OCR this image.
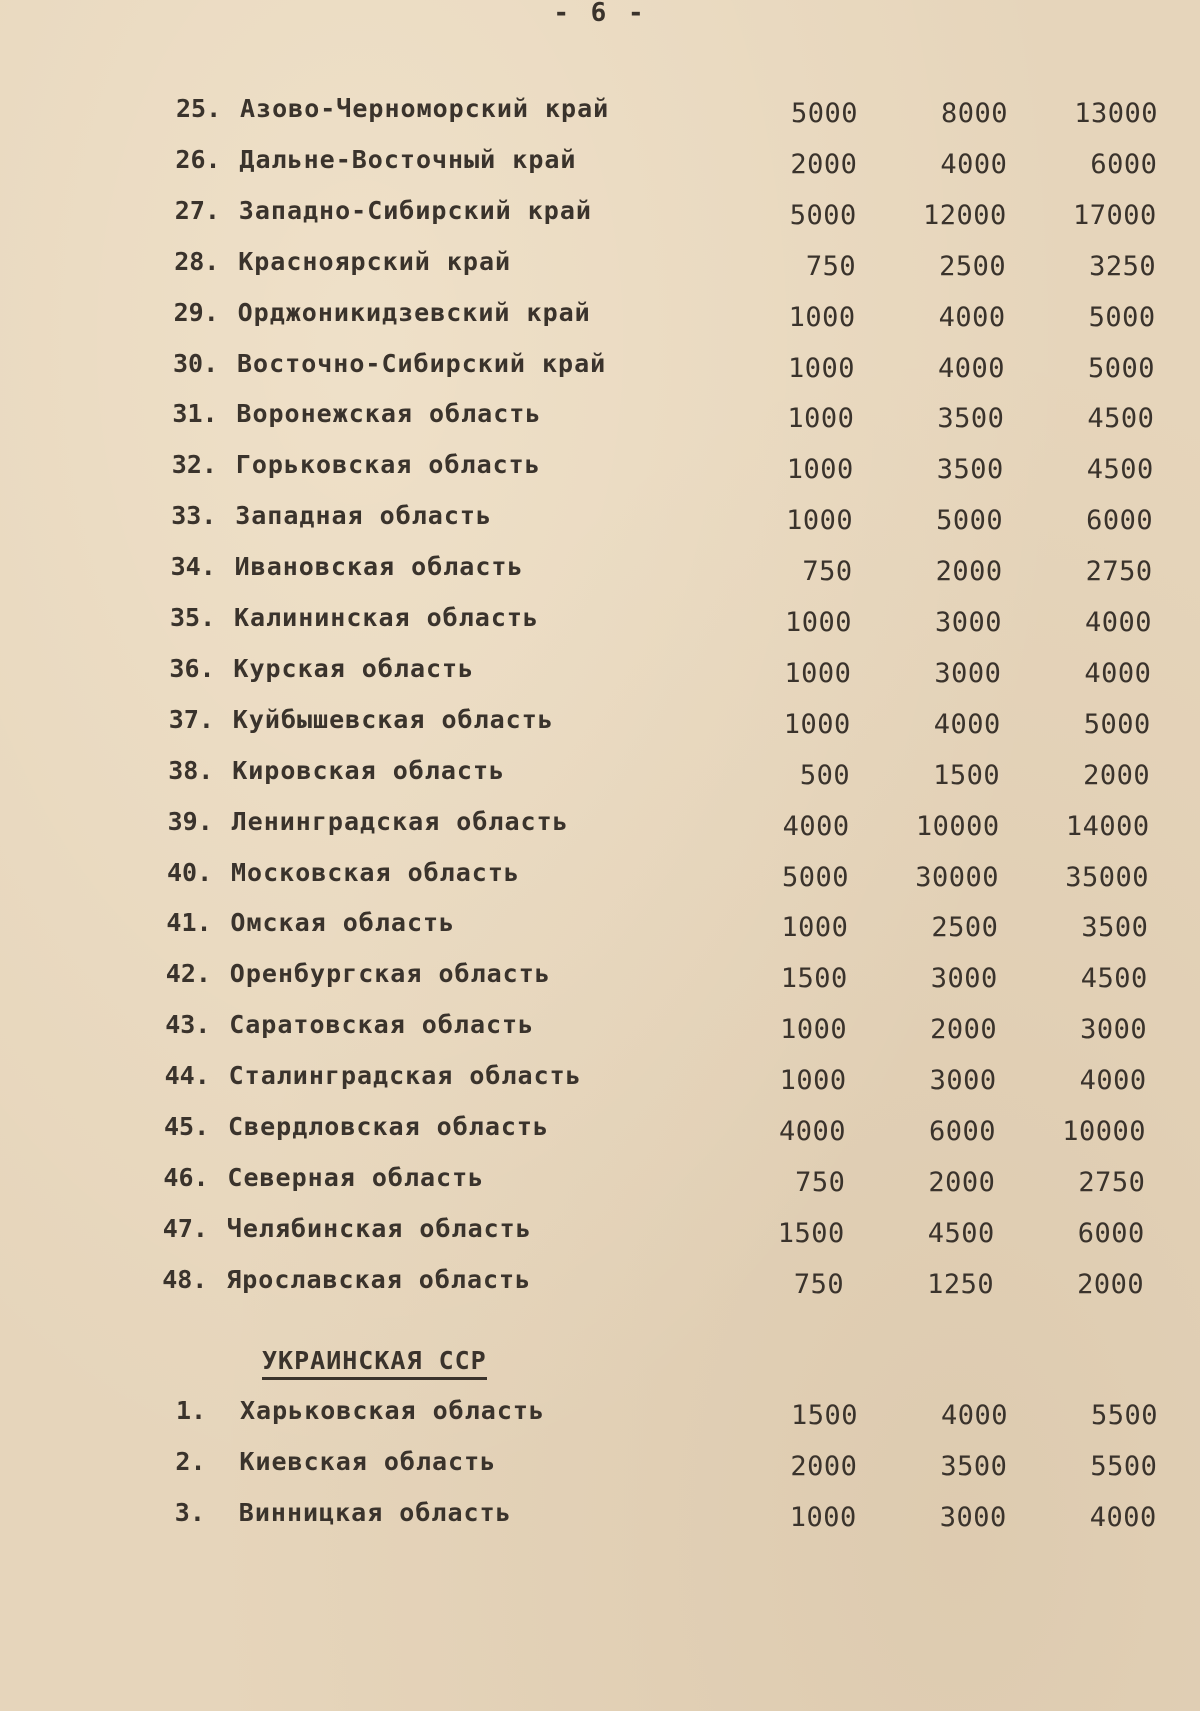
- 6 -
25. Азово-Черноморский край	5000	8000	13000
26. Дальне-Восточный край	2000	4000	6000
27. Западно-Сибирский край	5000	12000	17000
28. Красноярский край	750	2500	3250
29. Орджоникидзевский край	1000	4000	5000
30. Восточно-Сибирский край	1000	4000	5000
31. Воронежская область	1000	3500	4500
32. Горьковская область	1000	3500	4500
33. Западная область	1000	5000	6000
34. Ивановская область	750	2000	2750
35. Калининская область	1000	3000	4000
36. Курская область	1000	3000	4000
37. Куйбышевская область	1000	4000	5000
38. Кировская область	500	1500	2000
39. Ленинградская область	4000	10000	14000
40. Московская область	5000	30000	35000
41. Омская область	1000	2500	3500
42. Оренбургская область	1500	3000	4500
43. Саратовская область	1000	2000	3000
44. Сталинградская область	1000	3000	4000
45. Свердловская область	4000	6000	10000
46. Северная область	750	2000	2750
47. Челябинская область	1500	4500	6000
48. Ярославская область	750	1250	2000
УКРАИНСКАЯ ССР
1. Харьковская область	1500	4000	5500
2. Киевская область	2000	3500	5500
3. Винницкая область	1000	3000	4000
